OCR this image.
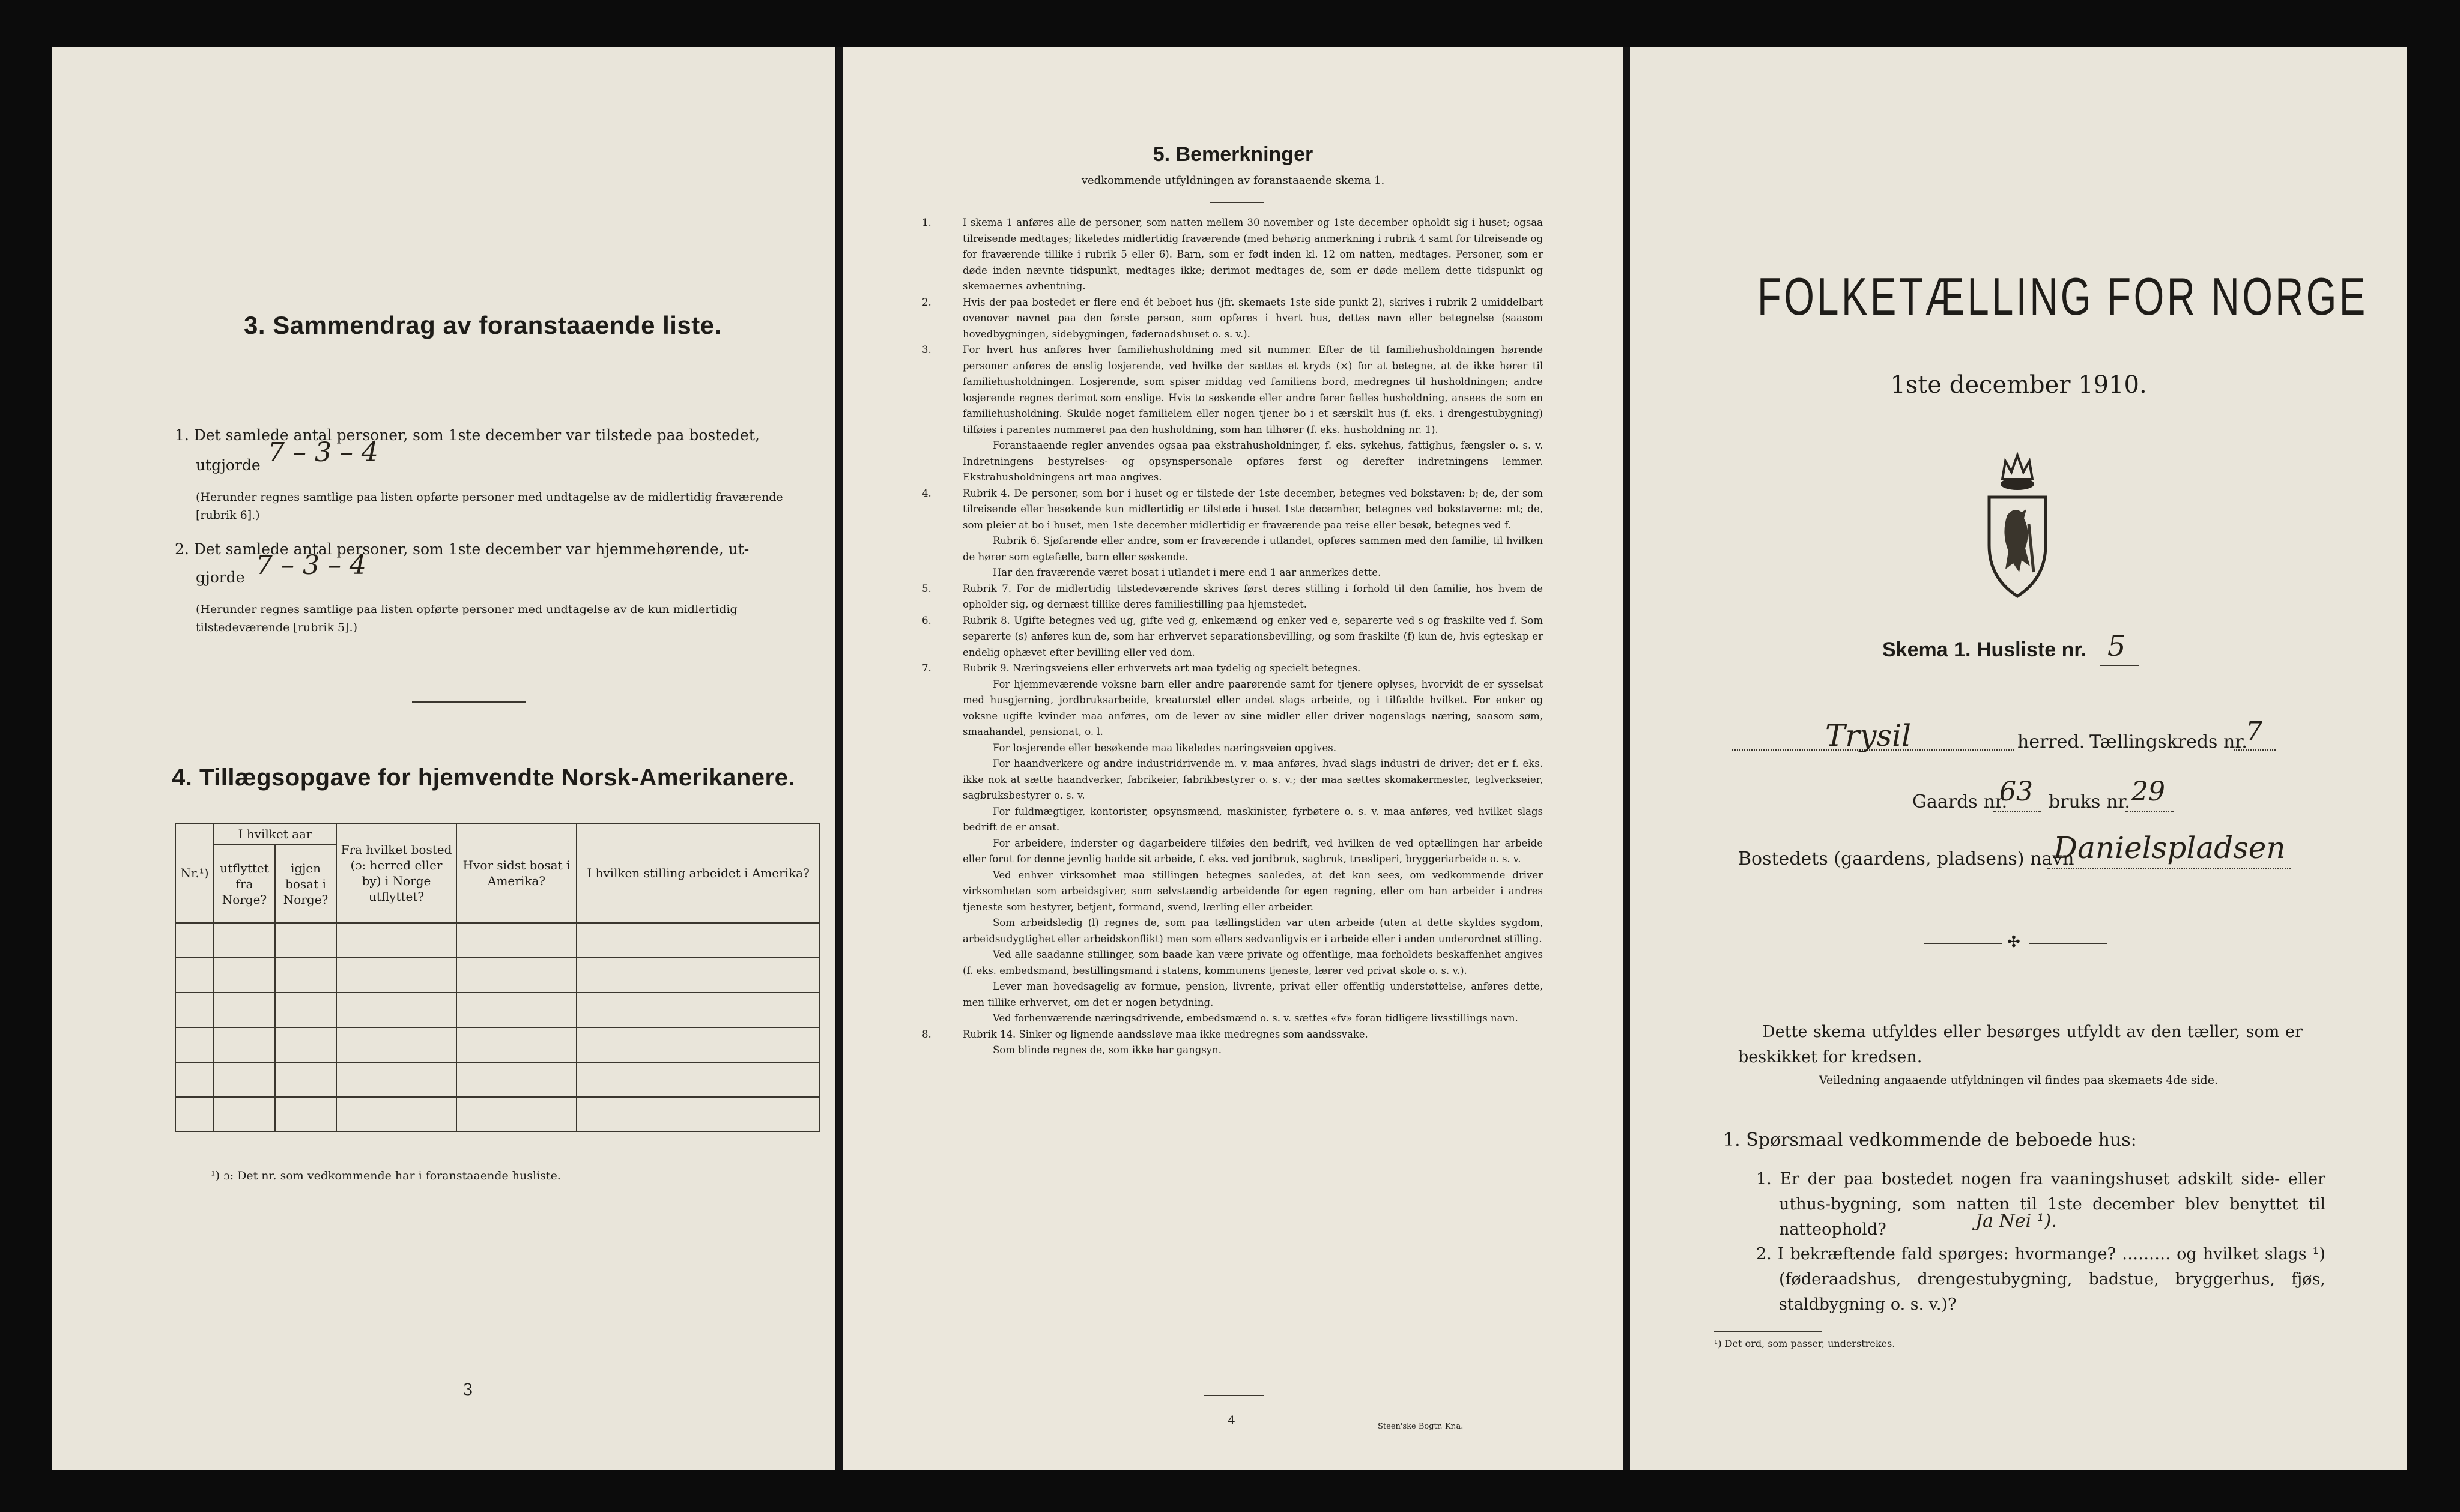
3. Sammendrag av foranstaaende liste.
1. Det samlede antal personer, som 1ste december var tilstede paa bostedet,
utgjorde 7 – 3 – 4
(Herunder regnes samtlige paa listen opførte personer med undtagelse av de midlertidig fraværende [rubrik 6].)
2. Det samlede antal personer, som 1ste december var hjemmehørende, ut-
gjorde 7 – 3 – 4
(Herunder regnes samtlige paa listen opførte personer med undtagelse av de kun midlertidig tilstedeværende [rubrik 5].)
4. Tillægsopgave for hjemvendte Norsk-Amerikanere.
Nr.¹)	I hvilket aar		Fra hvilket bosted (ɔ: herred eller by) i Norge utflyttet?	Hvor sidst bosat i Amerika?	I hvilken stilling arbeidet i Amerika?
	utflyttet fra Norge?	igjen bosat i Norge?			

¹) ɔ: Det nr. som vedkommende har i foranstaaende husliste.
3
5. Bemerkninger
vedkommende utfyldningen av foranstaaende skema 1.

1.	I skema 1 anføres alle de personer, som natten mellem 30 november og 1ste december opholdt sig i huset; ogsaa tilreisende medtages; likeledes midlertidig fraværende (med behørig anmerkning i rubrik 4 samt for tilreisende og for fraværende tillike i rubrik 5 eller 6). Barn, som er født inden kl. 12 om natten, medtages. Personer, som er døde inden nævnte tidspunkt, medtages ikke; derimot medtages de, som er døde mellem dette tidspunkt og skemaernes avhentning.

2.	Hvis der paa bostedet er flere end ét beboet hus (jfr. skemaets 1ste side punkt 2), skrives i rubrik 2 umiddelbart ovenover navnet paa den første person, som opføres i hvert hus, dettes navn eller betegnelse (saasom hovedbygningen, sidebygningen, føderaadshuset o. s. v.).

3.	For hvert hus anføres hver familiehusholdning med sit nummer. Efter de til familiehusholdningen hørende personer anføres de enslig losjerende, ved hvilke der sættes et kryds (×) for at betegne, at de ikke hører til familiehusholdningen. Losjerende, som spiser middag ved familiens bord, medregnes til husholdningen; andre losjerende regnes derimot som enslige. Hvis to søskende eller andre fører fælles husholdning, ansees de som en familiehusholdning. Skulde noget familielem eller nogen tjener bo i et særskilt hus (f. eks. i drengestubygning) tilføies i parentes nummeret paa den husholdning, som han tilhører (f. eks. husholdning nr. 1).

Foranstaaende regler anvendes ogsaa paa ekstrahusholdninger, f. eks. sykehus, fattighus, fængsler o. s. v. Indretningens bestyrelses- og opsynspersonale opføres først og derefter indretningens lemmer. Ekstrahusholdningens art maa angives.

4.	Rubrik 4. De personer, som bor i huset og er tilstede der 1ste december, betegnes ved bokstaven: b; de, der som tilreisende eller besøkende kun midlertidig er tilstede i huset 1ste december, betegnes ved bokstaverne: mt; de, som pleier at bo i huset, men 1ste december midlertidig er fraværende paa reise eller besøk, betegnes ved f.

Rubrik 6. Sjøfarende eller andre, som er fraværende i utlandet, opføres sammen med den familie, til hvilken de hører som egtefælle, barn eller søskende.

Har den fraværende været bosat i utlandet i mere end 1 aar anmerkes dette.

5.	Rubrik 7. For de midlertidig tilstedeværende skrives først deres stilling i forhold til den familie, hos hvem de opholder sig, og dernæst tillike deres familiestilling paa hjemstedet.

6.	Rubrik 8. Ugifte betegnes ved ug, gifte ved g, enkemænd og enker ved e, separerte ved s og fraskilte ved f. Som separerte (s) anføres kun de, som har erhvervet separationsbevilling, og som fraskilte (f) kun de, hvis egteskap er endelig ophævet efter bevilling eller ved dom.

7.	Rubrik 9. Næringsveiens eller erhvervets art maa tydelig og specielt betegnes.

For hjemmeværende voksne barn eller andre paarørende samt for tjenere oplyses, hvorvidt de er sysselsat med husgjerning, jordbruksarbeide, kreaturstel eller andet slags arbeide, og i tilfælde hvilket. For enker og voksne ugifte kvinder maa anføres, om de lever av sine midler eller driver nogenslags næring, saasom søm, smaahandel, pensionat, o. l.

For losjerende eller besøkende maa likeledes næringsveien opgives.

For haandverkere og andre industridrivende m. v. maa anføres, hvad slags industri de driver; det er f. eks. ikke nok at sætte haandverker, fabrikeier, fabrikbestyrer o. s. v.; der maa sættes skomakermester, teglverkseier, sagbruksbestyrer o. s. v.

For fuldmægtiger, kontorister, opsynsmænd, maskinister, fyrbøtere o. s. v. maa anføres, ved hvilket slags bedrift de er ansat.

For arbeidere, inderster og dagarbeidere tilføies den bedrift, ved hvilken de ved optællingen har arbeide eller forut for denne jevnlig hadde sit arbeide, f. eks. ved jordbruk, sagbruk, træsliperi, bryggeriarbeide o. s. v.

Ved enhver virksomhet maa stillingen betegnes saaledes, at det kan sees, om vedkommende driver virksomheten som arbeidsgiver, som selvstændig arbeidende for egen regning, eller om han arbeider i andres tjeneste som bestyrer, betjent, formand, svend, lærling eller arbeider.

Som arbeidsledig (l) regnes de, som paa tællingstiden var uten arbeide (uten at dette skyldes sygdom, arbeidsudygtighet eller arbeidskonflikt) men som ellers sedvanligvis er i arbeide eller i anden underordnet stilling.

Ved alle saadanne stillinger, som baade kan være private og offentlige, maa forholdets beskaffenhet angives (f. eks. embedsmand, bestillingsmand i statens, kommunens tjeneste, lærer ved privat skole o. s. v.).

Lever man hovedsagelig av formue, pension, livrente, privat eller offentlig understøttelse, anføres dette, men tillike erhvervet, om det er nogen betydning.

Ved forhenværende næringsdrivende, embedsmænd o. s. v. sættes «fv» foran tidligere livsstillings navn.

8.	Rubrik 14. Sinker og lignende aandssløve maa ikke medregnes som aandssvake.

Som blinde regnes de, som ikke har gangsyn.

4	Steen'ske Bogtr. Kr.a.
FOLKETÆLLING FOR NORGE
1ste december 1910.
Skema 1. Husliste nr. 5
Trysil	herred. Tællingskreds nr.
7
Gaards nr.
63 bruks nr. 29
Bostedets (gaardens, pladsens) navn
Danielspladsen
✣
Dette skema utfyldes eller besørges utfyldt av den tæller, som er beskikket for kredsen.
Veiledning angaaende utfyldningen vil findes paa skemaets 4de side.
1. Spørsmaal vedkommende de beboede hus:
1. Er der paa bostedet nogen fra vaaningshuset adskilt side- eller uthus-bygning, som natten til 1ste december blev benyttet til natteophold?	Ja Nei ¹).
2. I bekræftende fald spørges: hvormange? ……… og hvilket slags ¹) (føderaadshus, drengestubygning, badstue, bryggerhus, fjøs, staldbygning o. s. v.)?
¹) Det ord, som passer, understrekes.
